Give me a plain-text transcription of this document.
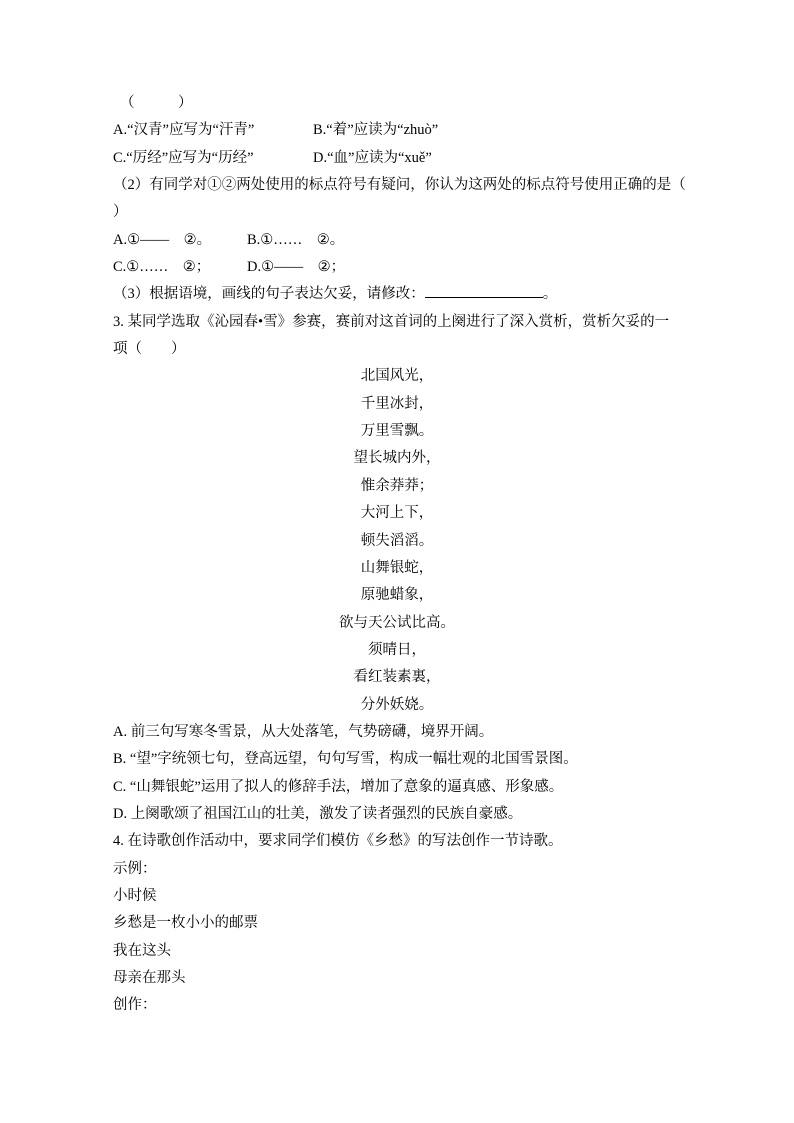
（　　　）
A.“汉青”应写为“汗青”	B.“着”应读为“zhuò”
C.“厉经”应写为“历经”	D.“血”应读为“xuě”
（2）有同学对①②两处使用的标点符号有疑问，你认为这两处的标点符号使用正确的是（
）
A.①——　②。 B.①……　②。
C.①……　②；	D.①——　②；
（3）根据语境，画线的句子表达欠妥，请修改：	。
3. 某同学选取《沁园春•雪》参赛，赛前对这首词的上阕进行了深入赏析，赏析欠妥的一
项（　　）
北国风光，
千里冰封，
万里雪飘。
望长城内外，
惟余莽莽；
大河上下，
顿失滔滔。
山舞银蛇，
原驰蜡象，
欲与天公试比高。
须晴日，
看红装素裏，
分外妖娆。
A. 前三句写寒冬雪景，从大处落笔，气势磅礴，境界开阔。
B. “望”字统领七句，登高远望，句句写雪，构成一幅壮观的北国雪景图。
C. “山舞银蛇”运用了拟人的修辞手法，增加了意象的逼真感、形象感。
D. 上阕歌颂了祖国江山的壮美，激发了读者强烈的民族自豪感。
4. 在诗歌创作活动中，要求同学们模仿《乡愁》的写法创作一节诗歌。
示例：
小时候
乡愁是一枚小小的邮票
我在这头
母亲在那头
创作：
